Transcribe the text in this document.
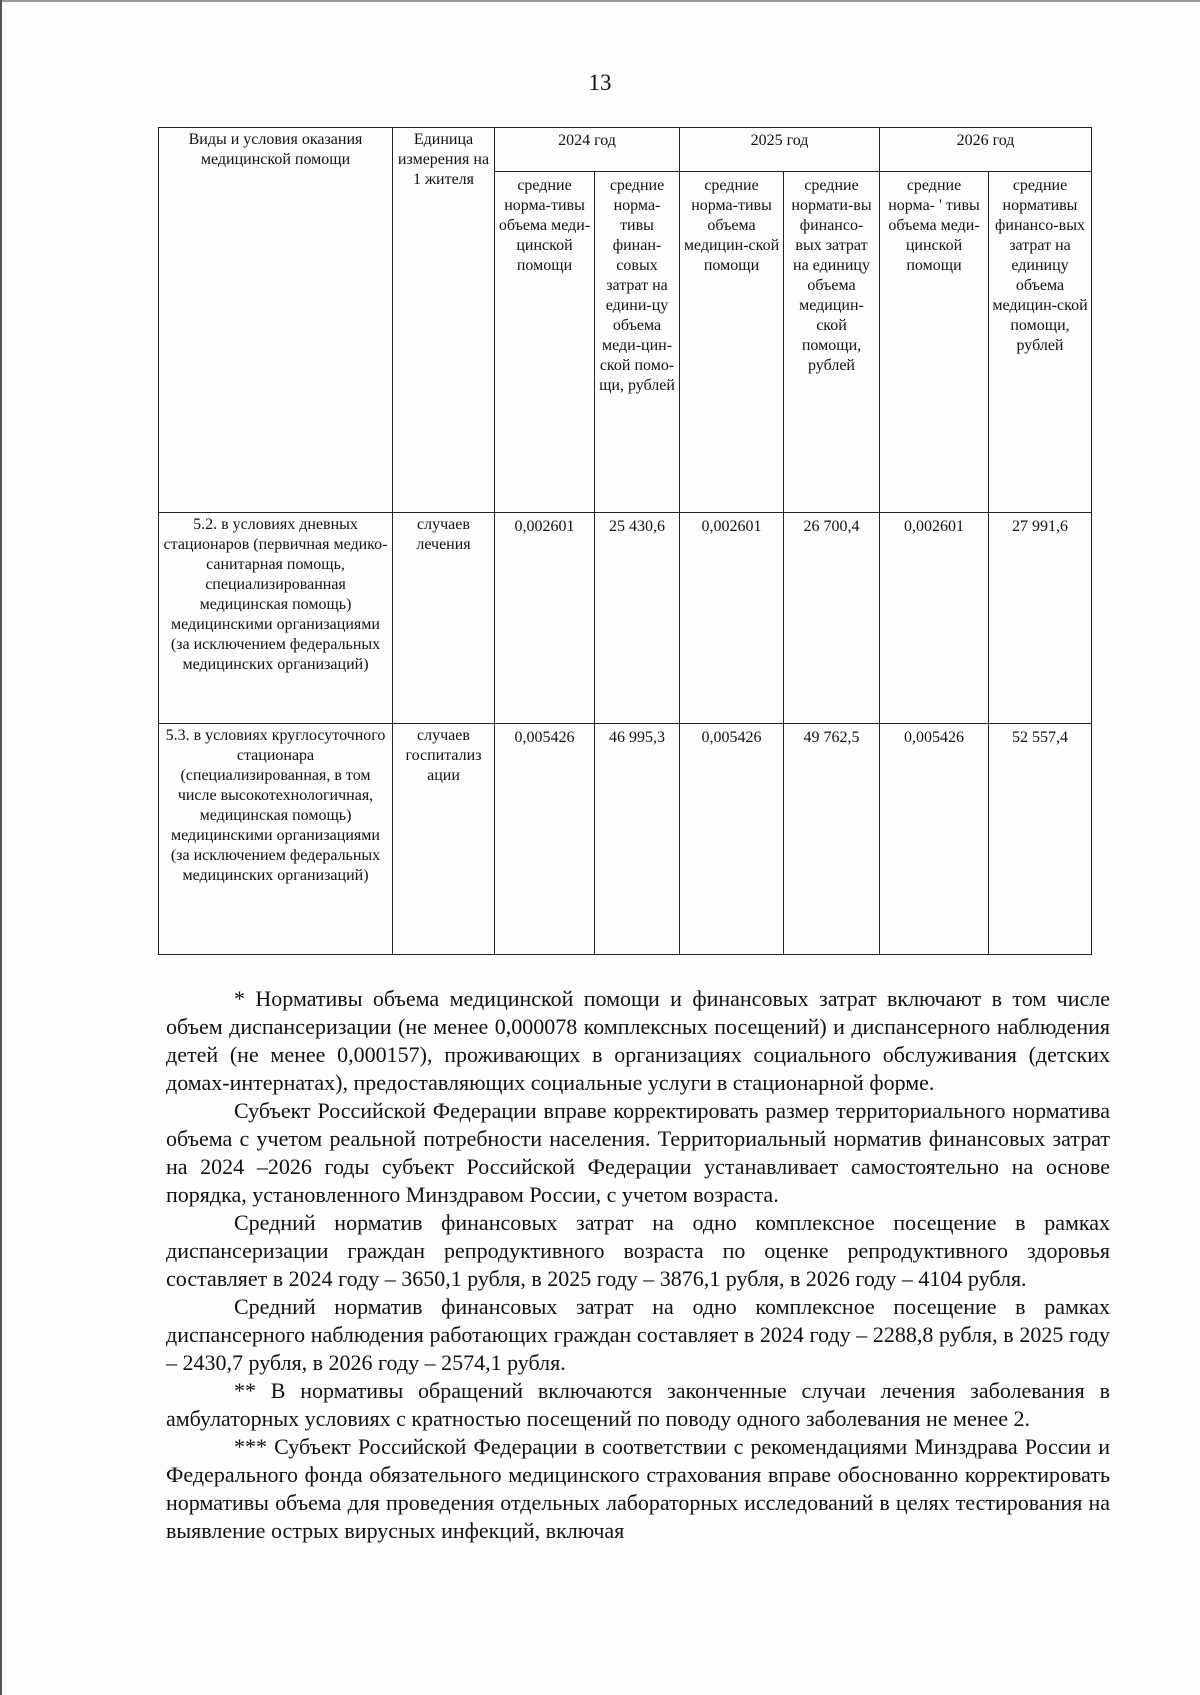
13
Виды и условия оказания медицинской помощи	Единица измерения на 1 жителя	2024 год		2025 год		2026 год	
		средние норма-тивы объема меди-цинской помощи	средние норма-тивы финан-совых затрат на едини-цу объема меди-цин-ской помо-щи, рублей	средние норма-тивы объема медицин-ской помощи	средние нормати-вы финансо-вых затрат на единицу объема медицин-ской помощи, рублей	средние норма- ' тивы объема меди-цинской помощи	средние нормативы финансо-вых затрат на единицу объема медицин-ской помощи, рублей
5.2. в условиях дневных стационаров (первичная медико-санитарная помощь, специализированная медицинская помощь) медицинскими организациями (за исключением федеральных медицинских организаций)	случаев лечения	0,002601	25 430,6	0,002601	26 700,4	0,002601	27 991,6
5.3. в условиях круглосуточного стационара (специализированная, в том числе высокотехнологичная, медицинская помощь) медицинскими организациями (за исключением федеральных медицинских организаций)	случаев госпитализ ации	0,005426	46 995,3	0,005426	49 762,5	0,005426	52 557,4

* Нормативы объема медицинской помощи и финансовых затрат включают в том числе объем диспансеризации (не менее 0,000078 комплексных посещений) и диспансерного наблюдения детей (не менее 0,000157), проживающих в организациях социального обслуживания (детских домах-интернатах), предоставляющих социальные услуги в стационарной форме.

Субъект Российской Федерации вправе корректировать размер территориального норматива объема с учетом реальной потребности населения. Территориальный норматив финансовых затрат на 2024 –2026 годы субъект Российской Федерации устанавливает самостоятельно на основе порядка, установленного Минздравом России, с учетом возраста.

Средний норматив финансовых затрат на одно комплексное посещение в рамках диспансеризации граждан репродуктивного возраста по оценке репродуктивного здоровья составляет в 2024 году – 3650,1 рубля, в 2025 году – 3876,1 рубля, в 2026 году – 4104 рубля.

Средний норматив финансовых затрат на одно комплексное посещение в рамках диспансерного наблюдения работающих граждан составляет в 2024 году – 2288,8 рубля, в 2025 году – 2430,7 рубля, в 2026 году – 2574,1 рубля.

** В нормативы обращений включаются законченные случаи лечения заболевания в амбулаторных условиях с кратностью посещений по поводу одного заболевания не менее 2.

*** Субъект Российской Федерации в соответствии с рекомендациями Минздрава России и Федерального фонда обязательного медицинского страхования вправе обоснованно корректировать нормативы объема для проведения отдельных лабораторных исследований в целях тестирования на выявление острых вирусных инфекций, включая
